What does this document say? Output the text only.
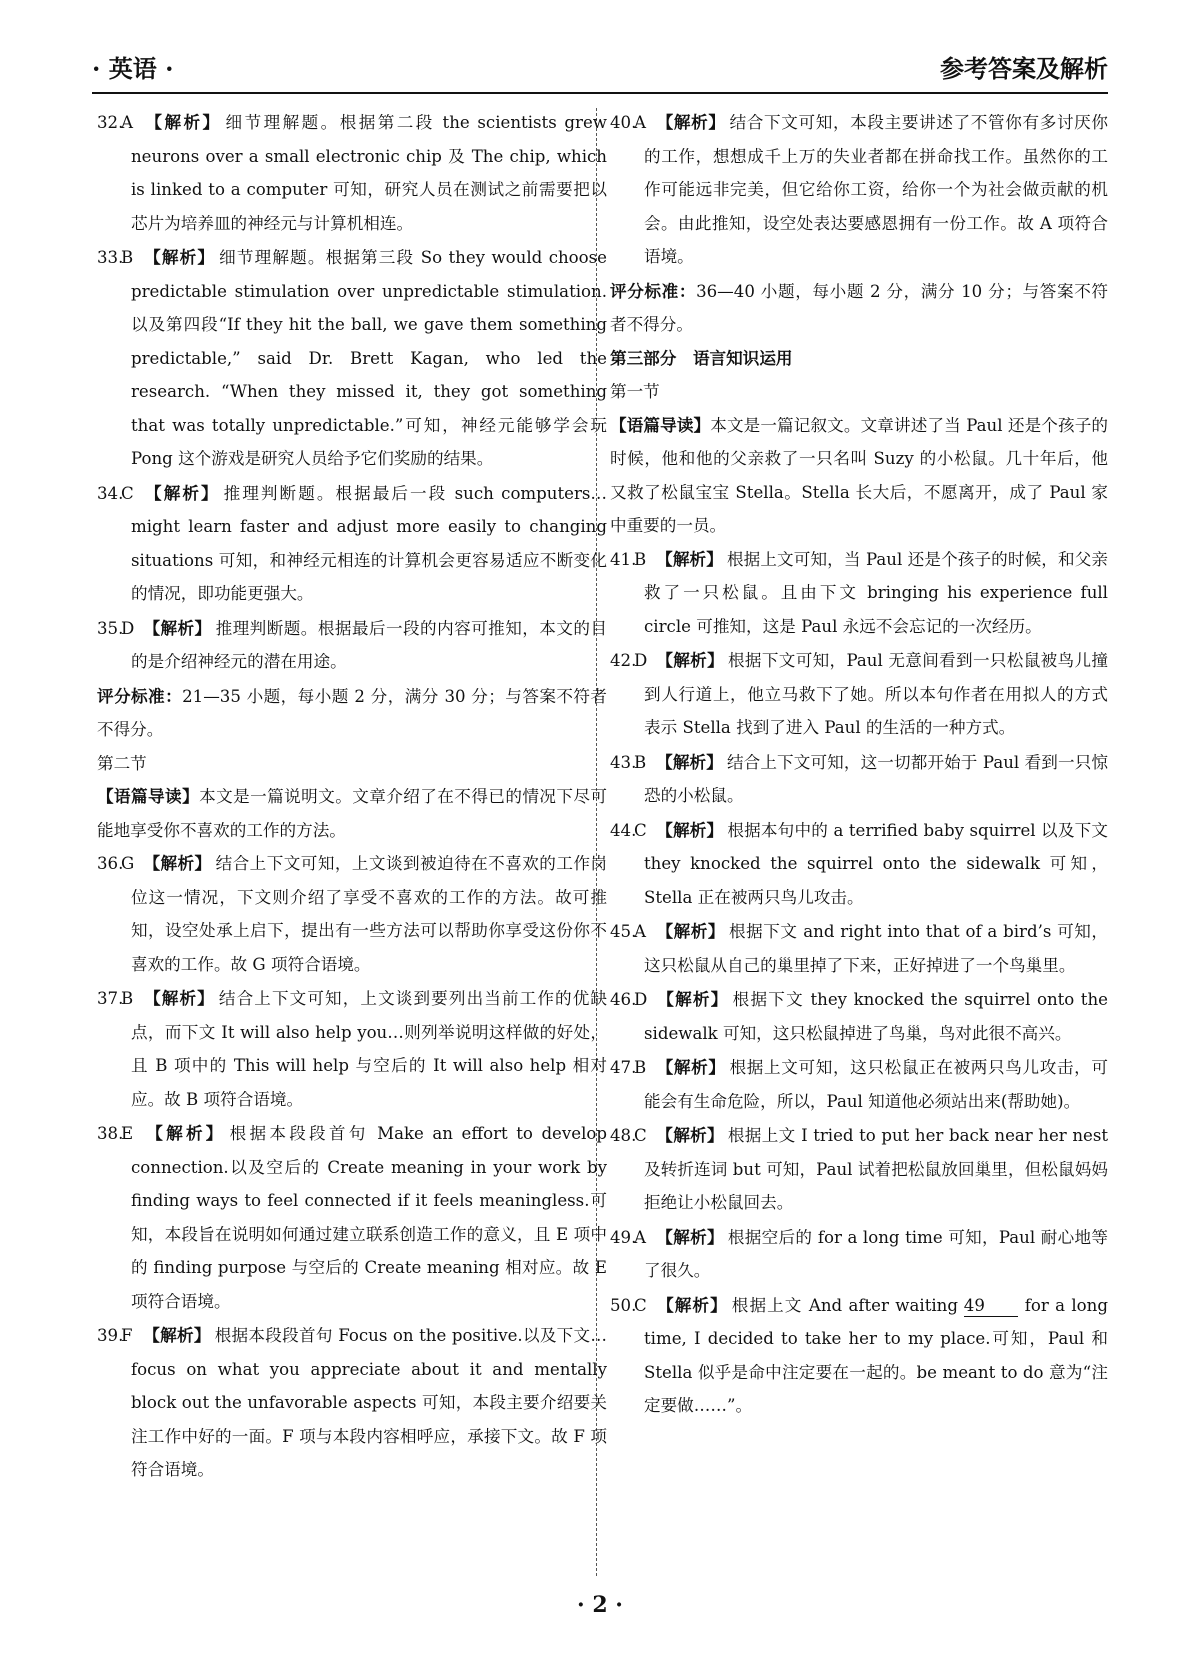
· 英语 ·	参考答案及解析

32.A 【解析】 细节理解题。根据第二段 the scientists grew neurons over a small electronic chip 及 The chip, which is linked to a computer 可知，研究人员在测试之前需要把以芯片为培养皿的神经元与计算机相连。

33.B 【解析】 细节理解题。根据第三段 So they would choose predictable stimulation over unpredictable stimulation.以及第四段“If they hit the ball, we gave them something predictable,” said Dr. Brett Kagan, who led the research. “When they missed it, they got something that was totally unpredictable.”可知，神经元能够学会玩 Pong 这个游戏是研究人员给予它们奖励的结果。

34.C 【解析】 推理判断题。根据最后一段 such computers… might learn faster and adjust more easily to changing situations 可知，和神经元相连的计算机会更容易适应不断变化的情况，即功能更强大。

35.D 【解析】 推理判断题。根据最后一段的内容可推知，本文的目的是介绍神经元的潜在用途。

评分标准：21—35 小题，每小题 2 分，满分 30 分；与答案不符者不得分。

第二节

【语篇导读】本文是一篇说明文。文章介绍了在不得已的情况下尽可能地享受你不喜欢的工作的方法。

36.G 【解析】 结合上下文可知，上文谈到被迫待在不喜欢的工作岗位这一情况，下文则介绍了享受不喜欢的工作的方法。故可推知，设空处承上启下，提出有一些方法可以帮助你享受这份你不喜欢的工作。故 G 项符合语境。

37.B 【解析】 结合上下文可知，上文谈到要列出当前工作的优缺点，而下文 It will also help you…则列举说明这样做的好处，且 B 项中的 This will help 与空后的 It will also help 相对应。故 B 项符合语境。

38.E 【解析】 根据本段段首句 Make an effort to develop connection.以及空后的 Create meaning in your work by finding ways to feel connected if it feels meaningless.可知，本段旨在说明如何通过建立联系创造工作的意义，且 E 项中的 finding purpose 与空后的 Create meaning 相对应。故 E 项符合语境。

39.F 【解析】 根据本段段首句 Focus on the positive.以及下文… focus on what you appreciate about it and mentally block out the unfavorable aspects 可知，本段主要介绍要关注工作中好的一面。F 项与本段内容相呼应，承接下文。故 F 项符合语境。

40.A 【解析】 结合下文可知，本段主要讲述了不管你有多讨厌你的工作，想想成千上万的失业者都在拼命找工作。虽然你的工作可能远非完美，但它给你工资，给你一个为社会做贡献的机会。由此推知，设空处表达要感恩拥有一份工作。故 A 项符合语境。

评分标准：36—40 小题，每小题 2 分，满分 10 分；与答案不符者不得分。

第三部分　语言知识运用

第一节

【语篇导读】本文是一篇记叙文。文章讲述了当 Paul 还是个孩子的时候，他和他的父亲救了一只名叫 Suzy 的小松鼠。几十年后，他又救了松鼠宝宝 Stella。Stella 长大后，不愿离开，成了 Paul 家中重要的一员。

41.B 【解析】 根据上文可知，当 Paul 还是个孩子的时候，和父亲救了一只松鼠。且由下文 bringing his experience full circle 可推知，这是 Paul 永远不会忘记的一次经历。

42.D 【解析】 根据下文可知，Paul 无意间看到一只松鼠被鸟儿撞到人行道上，他立马救下了她。所以本句作者在用拟人的方式表示 Stella 找到了进入 Paul 的生活的一种方式。

43.B 【解析】 结合上下文可知，这一切都开始于 Paul 看到一只惊恐的小松鼠。

44.C 【解析】 根据本句中的 a terrified baby squirrel 以及下文 they knocked the squirrel onto the sidewalk 可知，Stella 正在被两只鸟儿攻击。

45.A 【解析】 根据下文 and right into that of a bird’s 可知，这只松鼠从自己的巢里掉了下来，正好掉进了一个鸟巢里。

46.D 【解析】 根据下文 they knocked the squirrel onto the sidewalk 可知，这只松鼠掉进了鸟巢，鸟对此很不高兴。

47.B 【解析】 根据上文可知，这只松鼠正在被两只鸟儿攻击，可能会有生命危险，所以，Paul 知道他必须站出来(帮助她)。

48.C 【解析】 根据上文 I tried to put her back near her nest 及转折连词 but 可知，Paul 试着把松鼠放回巢里，但松鼠妈妈拒绝让小松鼠回去。

49.A 【解析】 根据空后的 for a long time 可知，Paul 耐心地等了很久。

50.C 【解析】 根据上文 And after waiting 49 for a long time, I decided to take her to my place.可知，Paul 和 Stella 似乎是命中注定要在一起的。be meant to do 意为“注定要做……”。

· 2 ·
